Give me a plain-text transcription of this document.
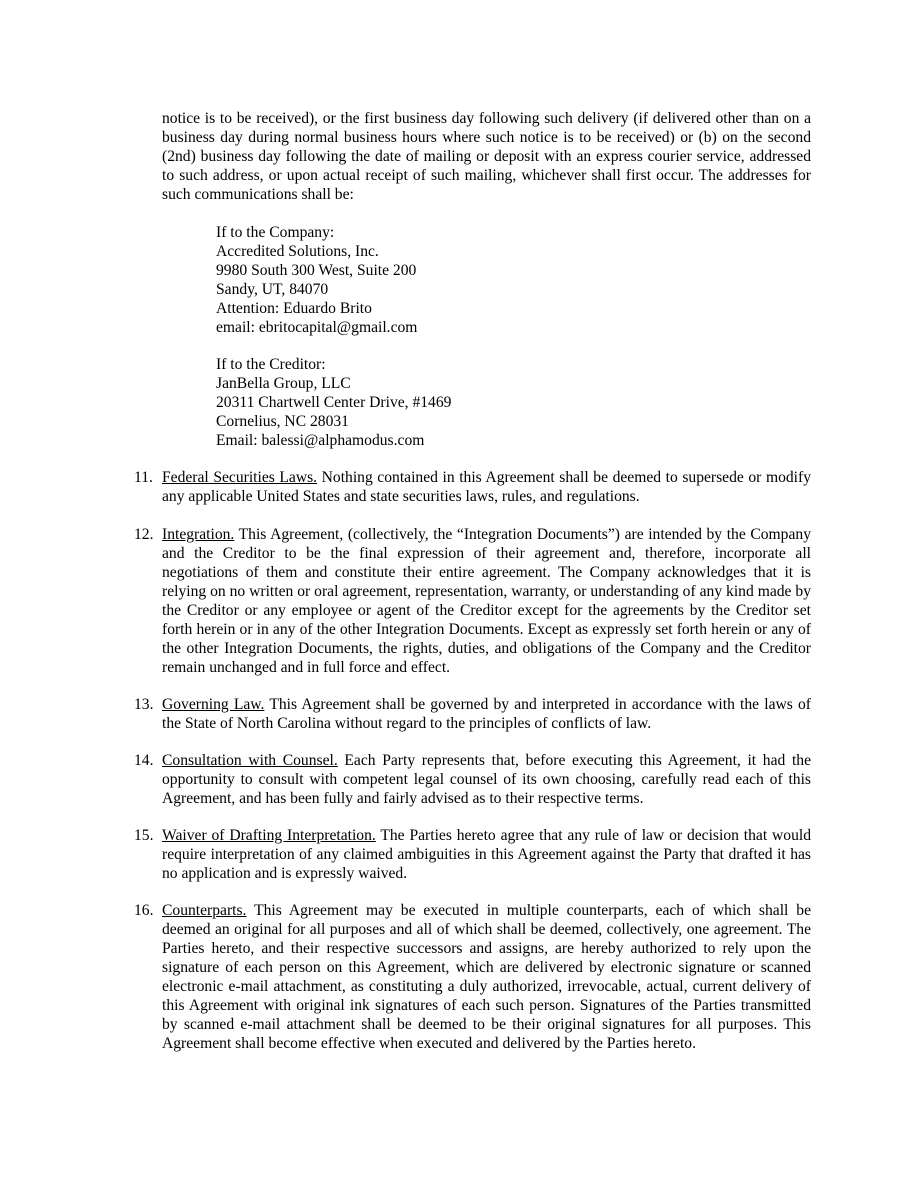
notice is to be received), or the first business day following such delivery (if delivered other than on a business day during normal business hours where such notice is to be received) or (b) on the second (2nd) business day following the date of mailing or deposit with an express courier service, addressed to such address, or upon actual receipt of such mailing, whichever shall first occur. The addresses for such communications shall be:

If to the Company:
Accredited Solutions, Inc.
9980 South 300 West, Suite 200
Sandy, UT, 84070
Attention: Eduardo Brito
email: ebritocapital@gmail.com
If to the Creditor:
JanBella Group, LLC
20311 Chartwell Center Drive, #1469
Cornelius, NC 28031
Email: balessi@alphamodus.com
11. Federal Securities Laws. Nothing contained in this Agreement shall be deemed to supersede or modify any applicable United States and state securities laws, rules, and regulations.

12. Integration. This Agreement, (collectively, the “Integration Documents”) are intended by the Company and the Creditor to be the final expression of their agreement and, therefore, incorporate all negotiations of them and constitute their entire agreement. The Company acknowledges that it is relying on no written or oral agreement, representation, warranty, or understanding of any kind made by the Creditor or any employee or agent of the Creditor except for the agreements by the Creditor set forth herein or in any of the other Integration Documents. Except as expressly set forth herein or any of the other Integration Documents, the rights, duties, and obligations of the Company and the Creditor remain unchanged and in full force and effect.

13. Governing Law. This Agreement shall be governed by and interpreted in accordance with the laws of the State of North Carolina without regard to the principles of conflicts of law.

14. Consultation with Counsel. Each Party represents that, before executing this Agreement, it had the opportunity to consult with competent legal counsel of its own choosing, carefully read each of this Agreement, and has been fully and fairly advised as to their respective terms.

15. Waiver of Drafting Interpretation. The Parties hereto agree that any rule of law or decision that would require interpretation of any claimed ambiguities in this Agreement against the Party that drafted it has no application and is expressly waived.

16. Counterparts. This Agreement may be executed in multiple counterparts, each of which shall be deemed an original for all purposes and all of which shall be deemed, collectively, one agreement. The Parties hereto, and their respective successors and assigns, are hereby authorized to rely upon the signature of each person on this Agreement, which are delivered by electronic signature or scanned electronic e-mail attachment, as constituting a duly authorized, irrevocable, actual, current delivery of this Agreement with original ink signatures of each such person. Signatures of the Parties transmitted by scanned e-mail attachment shall be deemed to be their original signatures for all purposes. This Agreement shall become effective when executed and delivered by the Parties hereto.
